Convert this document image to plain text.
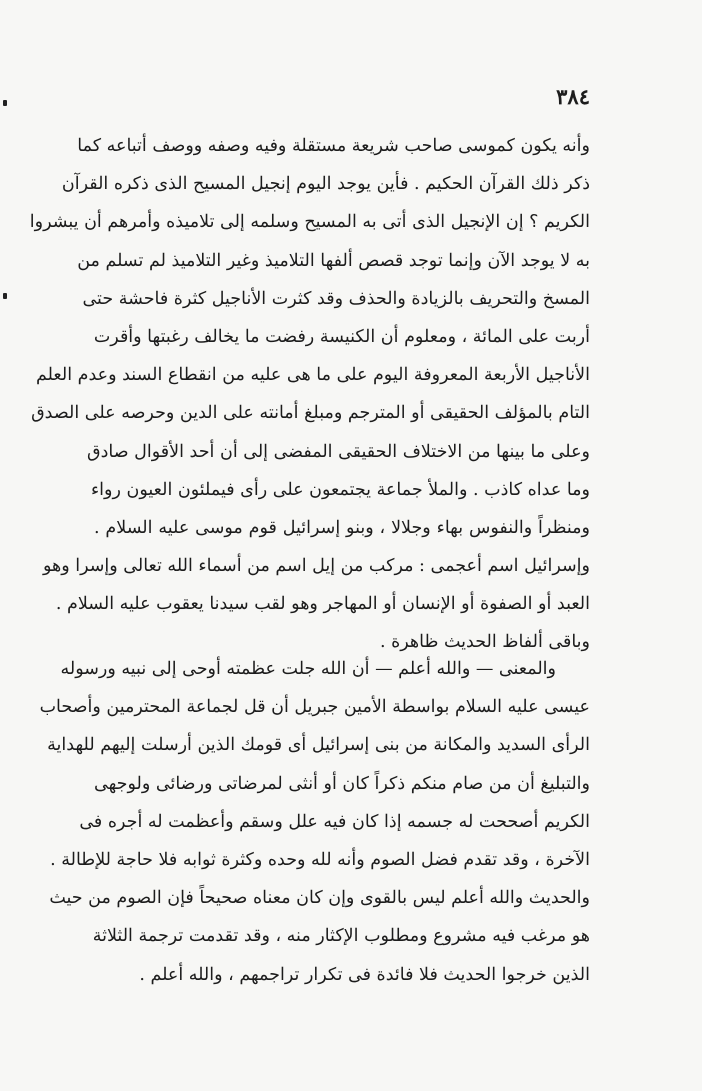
٣٨٤
وأنه يكون كموسى صاحب شريعة مستقلة وفيه وصفه ووصف أتباعه كما
ذكر ذلك القرآن الحكيم . فأين يوجد اليوم إنجيل المسيح الذى ذكره القرآن
الكريم ؟ إن الإنجيل الذى أتى به المسيح وسلمه إلى تلاميذه وأمرهم أن يبشروا
به لا يوجد الآن وإنما توجد قصص ألفها التلاميذ وغير التلاميذ لم تسلم من
المسخ والتحريف بالزيادة والحذف وقد كثرت الأناجيل كثرة فاحشة حتى
أربت على المائة ، ومعلوم أن الكنيسة رفضت ما يخالف رغبتها وأقرت
الأناجيل الأربعة المعروفة اليوم على ما هى عليه من انقطاع السند وعدم العلم
التام بالمؤلف الحقيقى أو المترجم ومبلغ أمانته على الدين وحرصه على الصدق
وعلى ما بينها من الاختلاف الحقيقى المفضى إلى أن أحد الأقوال صادق
وما عداه كاذب . والملأ جماعة يجتمعون على رأى فيملئون العيون رواء
ومنظراً والنفوس بهاء وجلالا ، وبنو إسرائيل قوم موسى عليه السلام .
وإسرائيل اسم أعجمى : مركب من إيل اسم من أسماء الله تعالى وإسرا وهو
العبد أو الصفوة أو الإنسان أو المهاجر وهو لقب سيدنا يعقوب عليه السلام .
وباقى ألفاظ الحديث ظاهرة .
والمعنى — والله أعلم — أن الله جلت عظمته أوحى إلى نبيه ورسوله
عيسى عليه السلام بواسطة الأمين جبريل أن قل لجماعة المحترمين وأصحاب
الرأى السديد والمكانة من بنى إسرائيل أى قومك الذين أرسلت إليهم للهداية
والتبليغ أن من صام منكم ذكراً كان أو أنثى لمرضاتى ورضائى ولوجهى
الكريم أصححت له جسمه إذا كان فيه علل وسقم وأعظمت له أجره فى
الآخرة ، وقد تقدم فضل الصوم وأنه لله وحده وكثرة ثوابه فلا حاجة للإطالة .
والحديث والله أعلم ليس بالقوى وإن كان معناه صحيحاً فإن الصوم من حيث
هو مرغب فيه مشروع ومطلوب الإكثار منه ، وقد تقدمت ترجمة الثلاثة
الذين خرجوا الحديث فلا فائدة فى تكرار تراجمهم ، والله أعلم .
